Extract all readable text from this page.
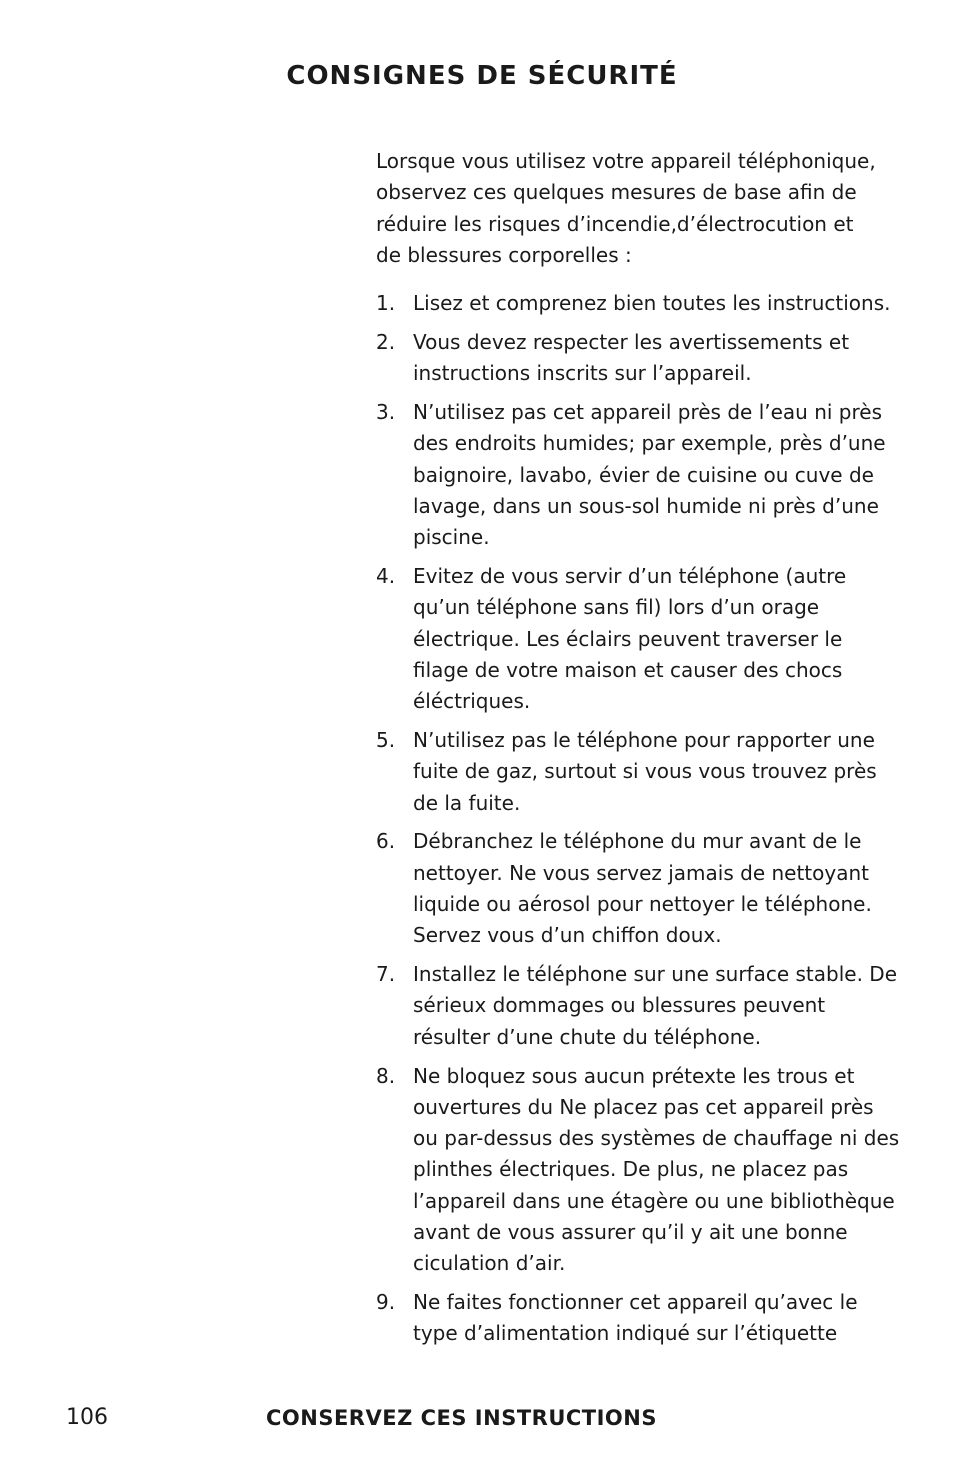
CONSIGNES DE SÉCURITÉ

Lorsque vous utilisez votre appareil téléphonique, observez ces quelques mesures de base afin de réduire les risques d’incendie,d’électrocution et de blessures corporelles :

1. Lisez et comprenez bien toutes les instructions.
2. Vous devez respecter les avertissements et instructions inscrits sur l’appareil.
3. N’utilisez pas cet appareil près de l’eau ni près des endroits humides; par exemple, près d’une baignoire, lavabo, évier de cuisine ou cuve de lavage, dans un sous-sol humide ni près d’une piscine.
4. Evitez de vous servir d’un téléphone (autre qu’un téléphone sans fil) lors d’un orage électrique. Les éclairs peuvent traverser le filage de votre maison et causer des chocs éléctriques.
5. N’utilisez pas le téléphone pour rapporter une fuite de gaz, surtout si vous vous trouvez près de la fuite.
6. Débranchez le téléphone du mur avant de le nettoyer. Ne vous servez jamais de nettoyant liquide ou aérosol pour nettoyer le téléphone. Servez vous d’un chiffon doux.
7. Installez le téléphone sur une surface stable. De sérieux dommages ou blessures peuvent résulter d’une chute du téléphone.
8. Ne bloquez sous aucun prétexte les trous et ouvertures du Ne placez pas cet appareil près ou par-dessus des systèmes de chauffage ni des plinthes électriques. De plus, ne placez pas l’appareil dans une étagère ou une bibliothèque avant de vous assurer qu’il y ait une bonne ciculation d’air.
9. Ne faites fonctionner cet appareil qu’avec le type d’alimentation indiqué sur l’étiquette
106	CONSERVEZ CES INSTRUCTIONS
